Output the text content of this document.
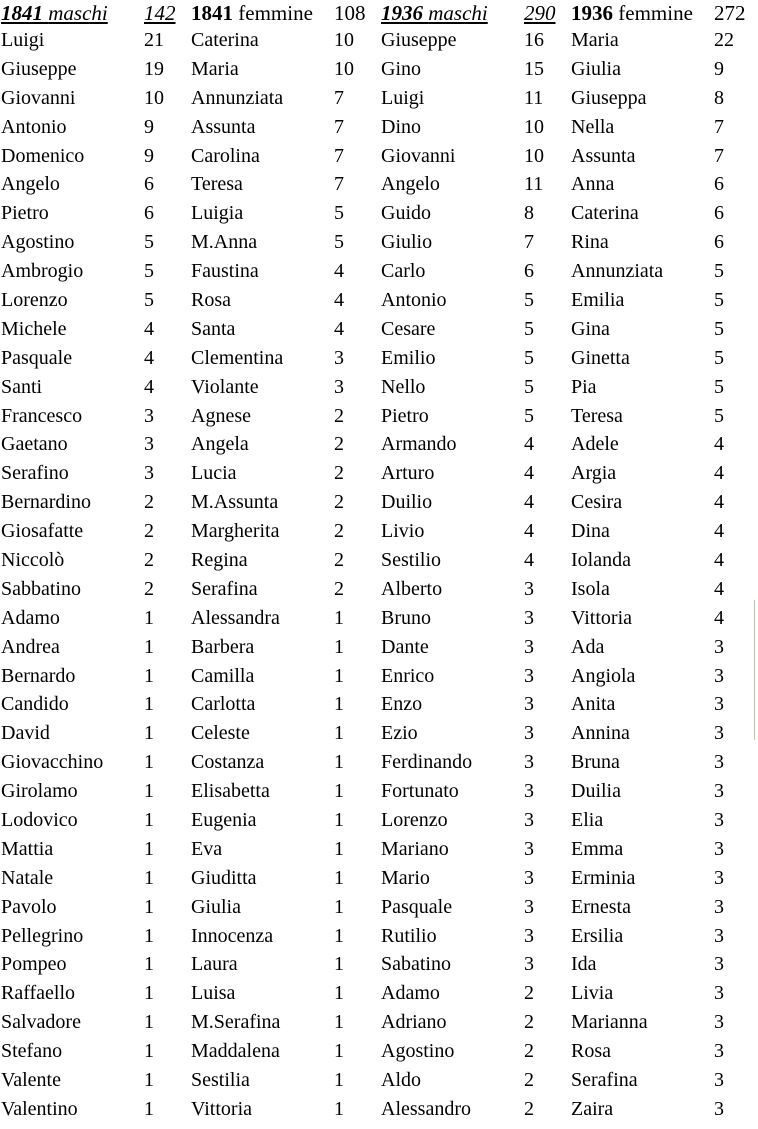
1841 maschi	142	1841 femmine	108	1936 maschi	290	1936 femmine	272
Luigi	21	Caterina	10	Giuseppe	16	Maria	22
Giuseppe	19	Maria	10	Gino	15	Giulia	9
Giovanni	10	Annunziata	7	Luigi	11	Giuseppa	8
Antonio	9	Assunta	7	Dino	10	Nella	7
Domenico	9	Carolina	7	Giovanni	10	Assunta	7
Angelo	6	Teresa	7	Angelo	11	Anna	6
Pietro	6	Luigia	5	Guido	8	Caterina	6
Agostino	5	M.Anna	5	Giulio	7	Rina	6
Ambrogio	5	Faustina	4	Carlo	6	Annunziata	5
Lorenzo	5	Rosa	4	Antonio	5	Emilia	5
Michele	4	Santa	4	Cesare	5	Gina	5
Pasquale	4	Clementina	3	Emilio	5	Ginetta	5
Santi	4	Violante	3	Nello	5	Pia	5
Francesco	3	Agnese	2	Pietro	5	Teresa	5
Gaetano	3	Angela	2	Armando	4	Adele	4
Serafino	3	Lucia	2	Arturo	4	Argia	4
Bernardino	2	M.Assunta	2	Duilio	4	Cesira	4
Giosafatte	2	Margherita	2	Livio	4	Dina	4
Niccolò	2	Regina	2	Sestilio	4	Iolanda	4
Sabbatino	2	Serafina	2	Alberto	3	Isola	4
Adamo	1	Alessandra	1	Bruno	3	Vittoria	4
Andrea	1	Barbera	1	Dante	3	Ada	3
Bernardo	1	Camilla	1	Enrico	3	Angiola	3
Candido	1	Carlotta	1	Enzo	3	Anita	3
David	1	Celeste	1	Ezio	3	Annina	3
Giovacchino	1	Costanza	1	Ferdinando	3	Bruna	3
Girolamo	1	Elisabetta	1	Fortunato	3	Duilia	3
Lodovico	1	Eugenia	1	Lorenzo	3	Elia	3
Mattia	1	Eva	1	Mariano	3	Emma	3
Natale	1	Giuditta	1	Mario	3	Erminia	3
Pavolo	1	Giulia	1	Pasquale	3	Ernesta	3
Pellegrino	1	Innocenza	1	Rutilio	3	Ersilia	3
Pompeo	1	Laura	1	Sabatino	3	Ida	3
Raffaello	1	Luisa	1	Adamo	2	Livia	3
Salvadore	1	M.Serafina	1	Adriano	2	Marianna	3
Stefano	1	Maddalena	1	Agostino	2	Rosa	3
Valente	1	Sestilia	1	Aldo	2	Serafina	3
Valentino	1	Vittoria	1	Alessandro	2	Zaira	3
